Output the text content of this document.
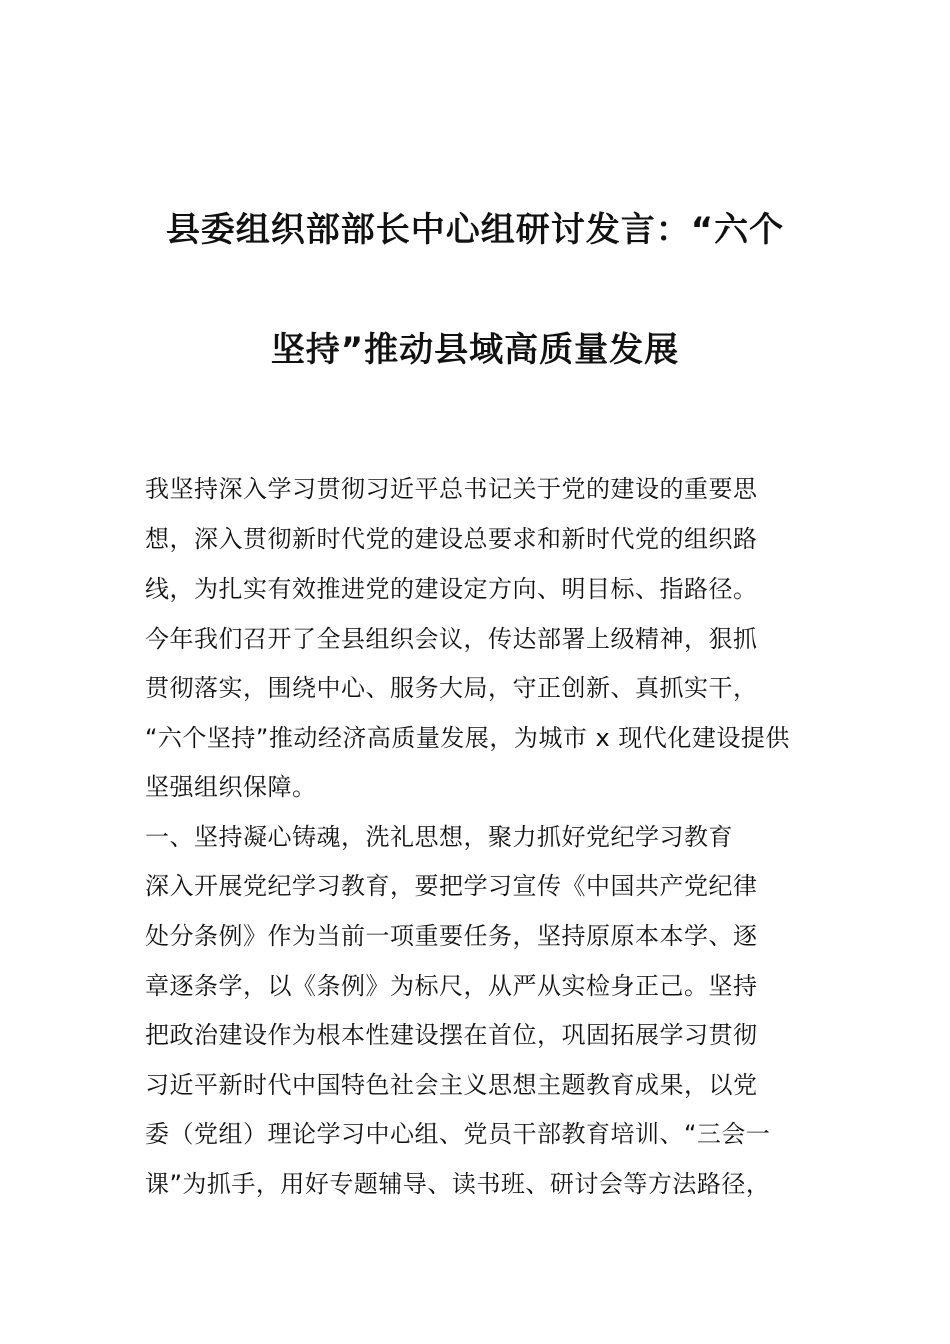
县委组织部部长中心组研讨发言：“六个
坚持”推动县域高质量发展
我坚持深入学习贯彻习近平总书记关于党的建设的重要思
想，深入贯彻新时代党的建设总要求和新时代党的组织路
线，为扎实有效推进党的建设定方向、明目标、指路径。
今年我们召开了全县组织会议，传达部署上级精神，狠抓
贯彻落实，围绕中心、服务大局，守正创新、真抓实干，
“六个坚持”推动经济高质量发展，为城市 x 现代化建设提供
坚强组织保障。
一、坚持凝心铸魂，洗礼思想，聚力抓好党纪学习教育
深入开展党纪学习教育，要把学习宣传《中国共产党纪律
处分条例》作为当前一项重要任务，坚持原原本本学、逐
章逐条学，以《条例》为标尺，从严从实检身正己。坚持
把政治建设作为根本性建设摆在首位，巩固拓展学习贯彻
习近平新时代中国特色社会主义思想主题教育成果，以党
委（党组）理论学习中心组、党员干部教育培训、“三会一
课”为抓手，用好专题辅导、读书班、研讨会等方法路径，
